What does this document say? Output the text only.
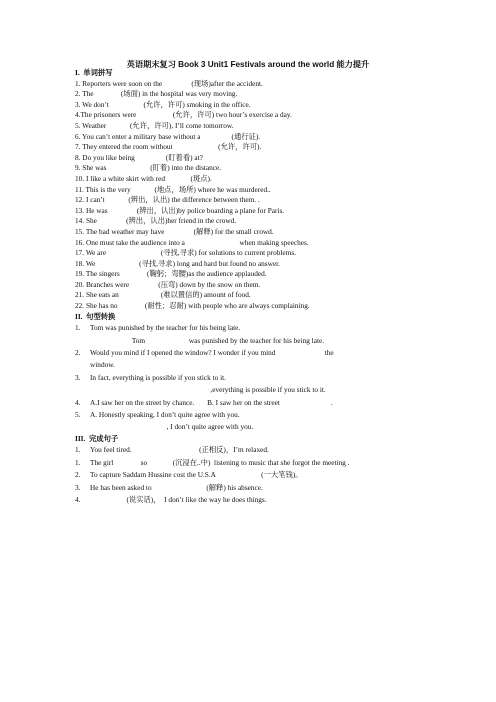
英语期末复习 Book 3 Unit1 Festivals around the world 能力提升
I.  单词拼写
1. Reporters were soon on the                (现场)after the accident.
2. The               (场面) in the hospital was very moving.
3. We don’t                   (允许，许可) smoking in the office.
4.The prisoners were                    (允许，许可) two hour’s exercise a day.
5. Weather             (允许，许可), I’ll come tomorrow.
6. You can’t enter a military base without a                 (通行证).
7. They entered the room without                         (允许，许可).
8. Do you like being                 (盯着看) at?
9. She was                        (盯着) into the distance.
10. I like a white skirt with red              (斑点).
11. This is the very             (地点，场所) where he was murdered..
12. I can’t             (辨出，认出) the difference between them. .
13. He was                (辨出，认出)by police boarding a plane for Paris.
14. She                (辨出，认出)her friend in the crowd.
15. The bad weather may have                (解释) for the small crowd.
16. One must take the audience into a                              when making speeches.
17. We are                              (寻找,寻求) for solutions to current problems.
18. We                        (寻找,寻求) long and hard but found no answer.
19. The singers               (鞠躬；弯腰)as the audience applauded.
20. Branches were                (压弯) down by the snow on them.
21. She eats an                       (难以置信的) amount of food.
22. She has no               (耐性；忍耐) with people who are always complaining.
II.  句型转换
1. Tom was punished by the teacher for his being late.
Tom                        was punished by the teacher for his being late.
2. Would you mind if I opened the window? I wonder if you mind                           the
window.
3. In fact, everything is possible if you stick to it.
,everything is possible if you stick to it.
4. A.I saw her on the street by chance.       B. I saw her on the street                            .
5. A. Honestly speaking, I don’t quite agree with you.
, I don’t quite agree with you.
III.  完成句子
1. You feel tired.                                     (正相反)，I’m relaxed.
1. The girl               so              (沉浸在..中)  listening to music that she forgot the meeting .
2. To capture Saddam Hussine cost the U.S.A                         (一大笔钱)。
3. He has been asked to                              (解释) his absence.
4.                    (说实话)，  I don’t like the way he does things.
